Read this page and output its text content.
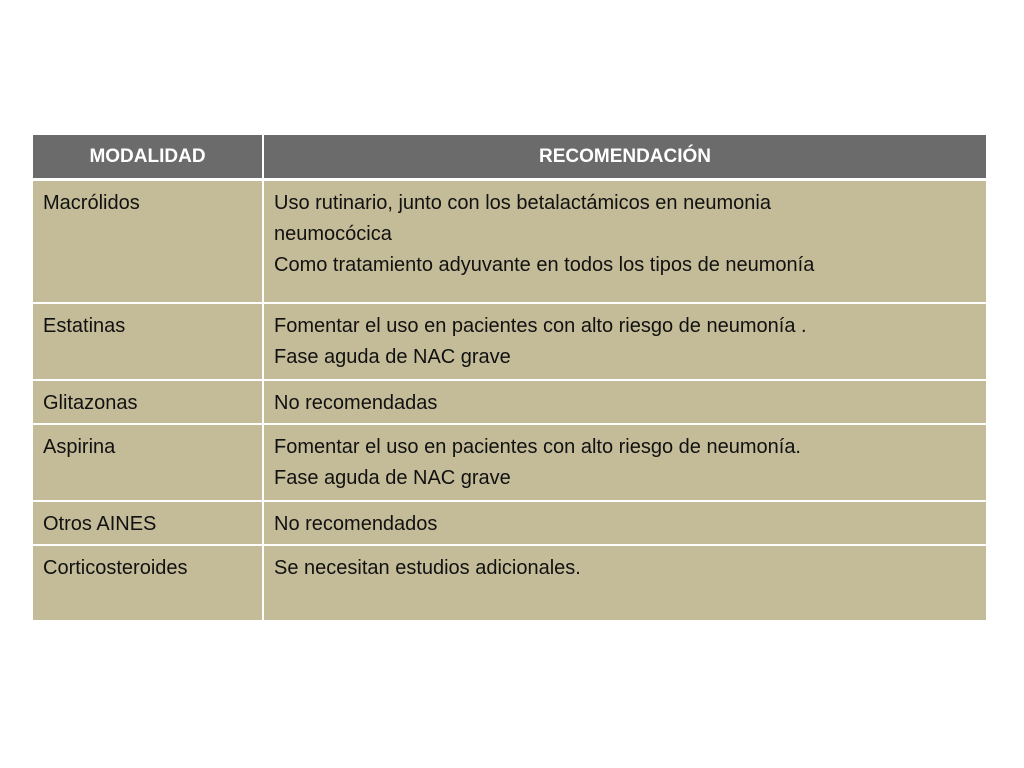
MODALIDAD	RECOMENDACIÓN
Macrólidos	Uso rutinario, junto con los betalactámicos en neumonia
neumocócica
Como tratamiento adyuvante en todos los tipos de neumonía

Estatinas	Fomentar el uso en pacientes con alto riesgo de neumonía .
Fase aguda de NAC grave

Glitazonas	No recomendadas

Aspirina	Fomentar el uso en pacientes con alto riesgo de neumonía.
Fase aguda de NAC grave

Otros AINES	No recomendados

Corticosteroides	Se necesitan estudios adicionales.
